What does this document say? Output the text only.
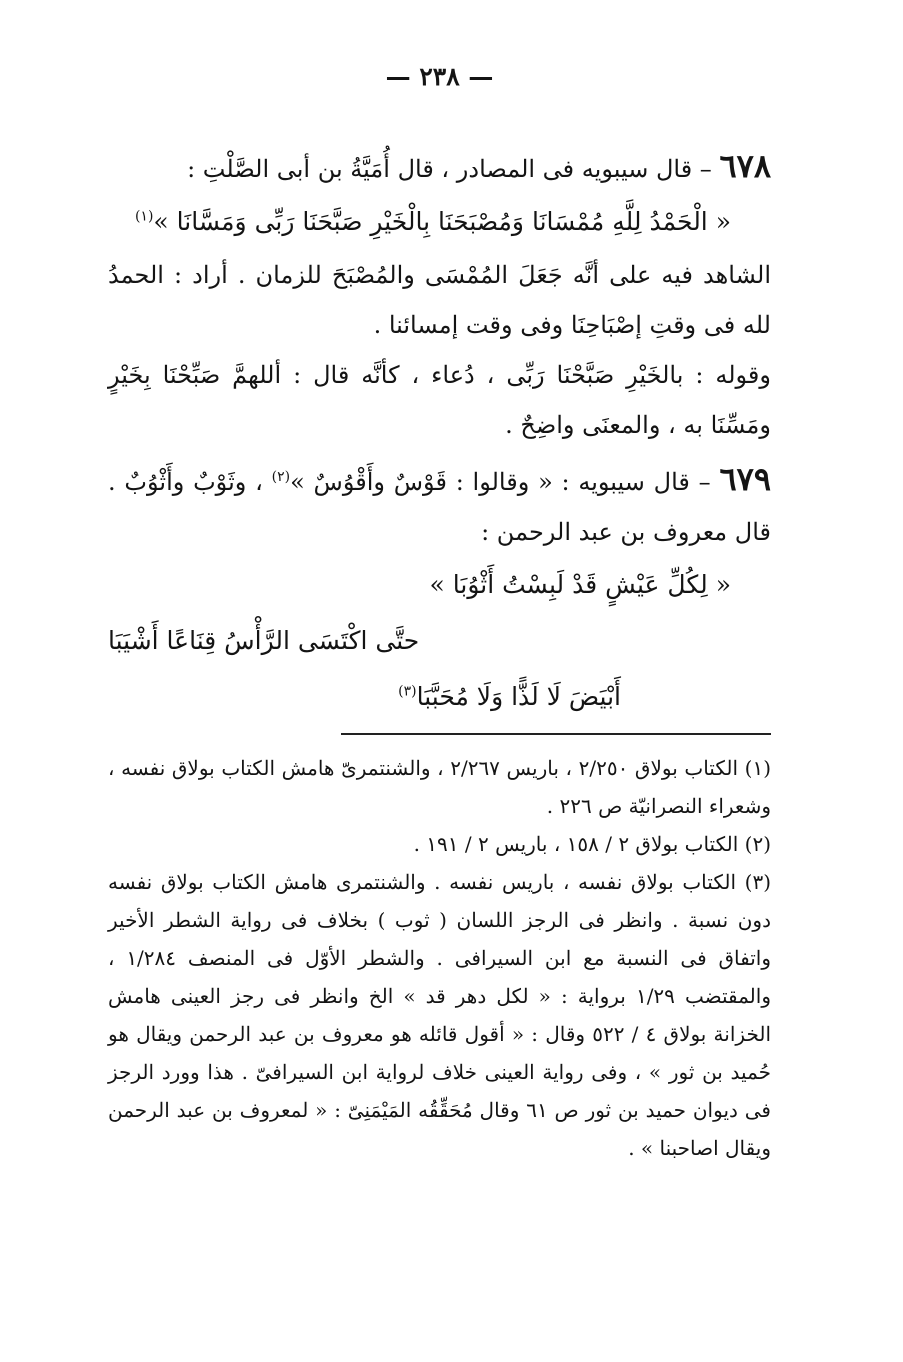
— ٢٣٨ —

٦٧٨ – قال سيبويه فى المصادر ، قال أُمَيَّةُ بن أبى الصَّلْتِ :

« الْحَمْدُ لِلَّهِ مُمْسَانَا وَمُصْبَحَنَا بِالْخَيْرِ صَبَّحَنَا رَبِّى وَمَسَّانَا »$^{(١)}$

الشاهد فيه على أنَّه جَعَلَ المُمْسَى والمُصْبَحَ للزمان . أراد : الحمدُ لله فى وقتِ إصْبَاحِنَا وفى وقت إمسائنا .

وقوله : بالخَيْرِ صَبَّحْنَا رَبِّى ، دُعاء ، كأنَّه قال : أللهمَّ صَبِّحْنَا بِخَيْرٍ ومَسِّنَا به ، والمعنَى واضِحٌ .

٦٧٩ – قال سيبويه : « وقالوا : قَوْسٌ وأَقْوُسٌ »$^{(٢)}$ ، وثَوْبٌ وأَثْوُبٌ . قال معروف بن عبد الرحمن :

« لِكُلِّ عَيْشٍ قَدْ لَبِسْتُ أَثْوُبَا »

حتَّى اكْتَسَى الرَّأْسُ قِنَاعًا أَشْيَبَا

أَبْيَضَ لَا لَذًّا وَلَا مُحَبَّبَا$^{(٣)}$

(١) الكتاب بولاق ٢/٢٥٠ ، باريس ٢/٢٦٧ ، والشنتمرىّ هامش الكتاب بولاق نفسه ، وشعراء النصرانيّة ص ٢٢٦ .

(٢) الكتاب بولاق ٢ / ١٥٨ ، باريس ٢ / ١٩١ .

(٣) الكتاب بولاق نفسه ، باريس نفسه . والشنتمرى هامش الكتاب بولاق نفسه دون نسبة . وانظر فى الرجز اللسان ( ثوب ) بخلاف فى رواية الشطر الأخير واتفاق فى النسبة مع ابن السيرافى . والشطر الأوّل فى المنصف ١/٢٨٤ ، والمقتضب ١/٢٩ برواية : « لكل دهر قد » الخ وانظر فى رجز العينى هامش الخزانة بولاق ٤ / ٥٢٢ وقال : « أقول قائله هو معروف بن عبد الرحمن ويقال هو حُميد بن ثور » ، وفى رواية العينى خلاف لرواية ابن السيرافىّ . هذا وورد الرجز فى ديوان حميد بن ثور ص ٦١ وقال مُحَقِّقُه المَيْمَنِىّ : « لمعروف بن عبد الرحمن ويقال اصاحبنا » .
